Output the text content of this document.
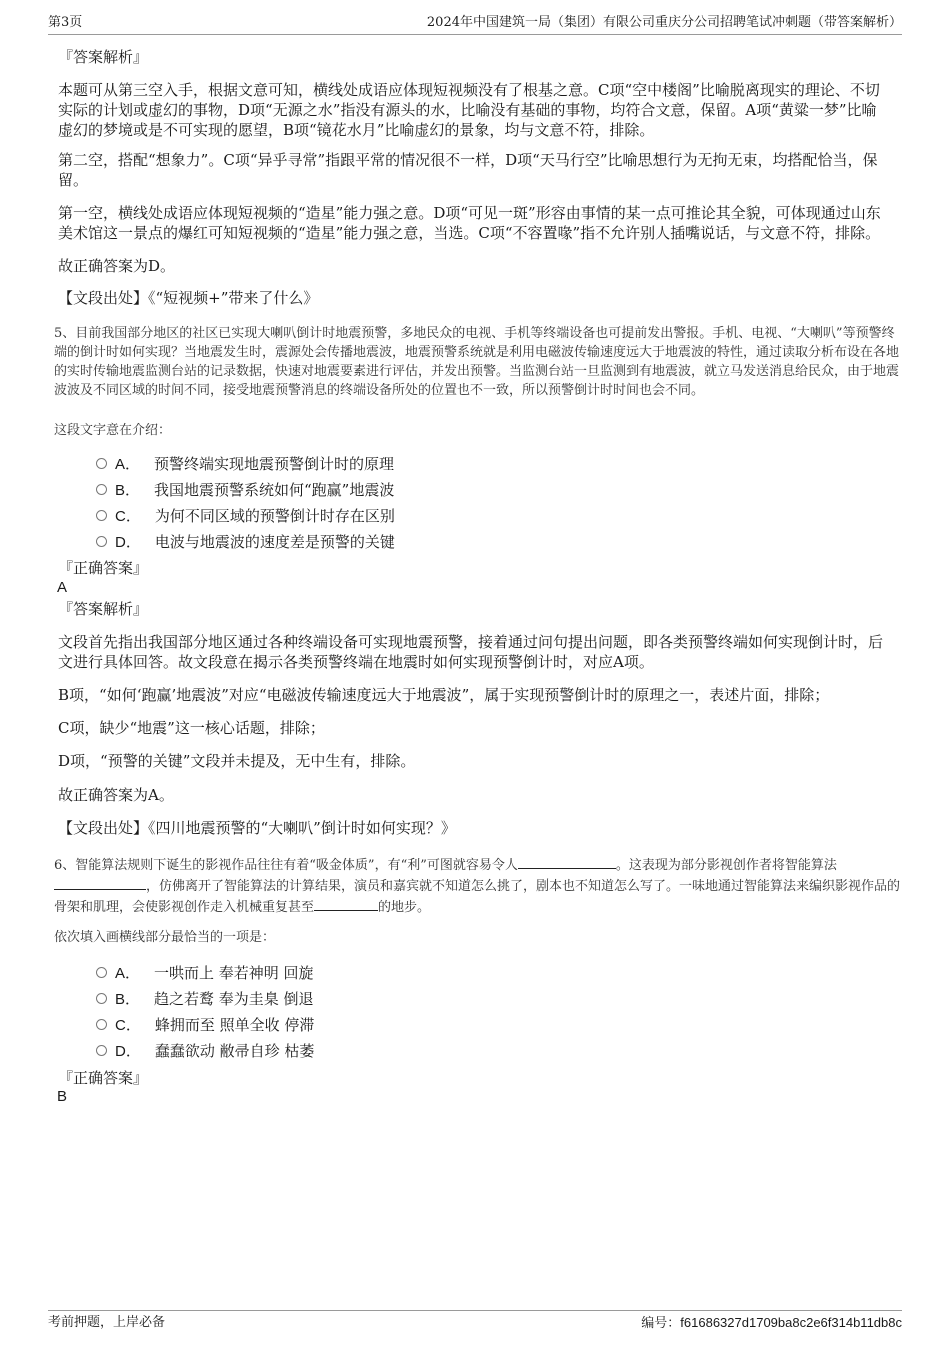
第3页	2024年中国建筑一局（集团）有限公司重庆分公司招聘笔试冲刺题（带答案解析）

『答案解析』

本题可从第三空入手，根据文意可知，横线处成语应体现短视频没有了根基之意。C项“空中楼阁”比喻脱离现实的理论、不切实际的计划或虚幻的事物，D项“无源之水”指没有源头的水，比喻没有基础的事物，均符合文意，保留。A项“黄粱一梦”比喻虚幻的梦境或是不可实现的愿望，B项“镜花水月”比喻虚幻的景象，均与文意不符，排除。

第二空，搭配“想象力”。C项“异乎寻常”指跟平常的情况很不一样，D项“天马行空”比喻思想行为无拘无束，均搭配恰当，保留。

第一空，横线处成语应体现短视频的“造星”能力强之意。D项“可见一斑”形容由事情的某一点可推论其全貌，可体现通过山东美术馆这一景点的爆红可知短视频的“造星”能力强之意，当选。C项“不容置喙”指不允许别人插嘴说话，与文意不符，排除。

故正确答案为D。

【文段出处】《“短视频+”带来了什么》

5、目前我国部分地区的社区已实现大喇叭倒计时地震预警，多地民众的电视、手机等终端设备也可提前发出警报。手机、电视、“大喇叭”等预警终端的倒计时如何实现？当地震发生时，震源处会传播地震波，地震预警系统就是利用电磁波传输速度远大于地震波的特性，通过读取分析布设在各地的实时传输地震监测台站的记录数据，快速对地震要素进行评估，并发出预警。当监测台站一旦监测到有地震波，就立马发送消息给民众，由于地震波波及不同区域的时间不同，接受地震预警消息的终端设备所处的位置也不一致，所以预警倒计时时间也会不同。

这段文字意在介绍：

A． 预警终端实现地震预警倒计时的原理
B． 我国地震预警系统如何“跑赢”地震波
C． 为何不同区域的预警倒计时存在区别
D． 电波与地震波的速度差是预警的关键

『正确答案』

A

『答案解析』

文段首先指出我国部分地区通过各种终端设备可实现地震预警，接着通过问句提出问题，即各类预警终端如何实现倒计时，后文进行具体回答。故文段意在揭示各类预警终端在地震时如何实现预警倒计时，对应A项。

B项，“如何‘跑赢’地震波”对应“电磁波传输速度远大于地震波”，属于实现预警倒计时的原理之一，表述片面，排除；

C项，缺少“地震”这一核心话题，排除；

D项，“预警的关键”文段并未提及，无中生有，排除。

故正确答案为A。

【文段出处】《四川地震预警的“大喇叭”倒计时如何实现？》

6、智能算法规则下诞生的影视作品往往有着“吸金体质”，有“利”可图就容易令人	。这表现为部分影视创作者将智能算法，仿佛离开了智能算法的计算结果，演员和嘉宾就不知道怎么挑了，剧本也不知道怎么写了。一味地通过智能算法来编织影视作品的骨架和肌理，会使影视创作走入机械重复甚至	的地步。

依次填入画横线部分最恰当的一项是：

A． 一哄而上 奉若神明 回旋
B． 趋之若鹜 奉为圭臬 倒退
C． 蜂拥而至 照单全收 停滞
D． 蠢蠢欲动 敝帚自珍 枯萎

『正确答案』

B

考前押题，上岸必备	编号：f61686327d1709ba8c2e6f314b11db8c
